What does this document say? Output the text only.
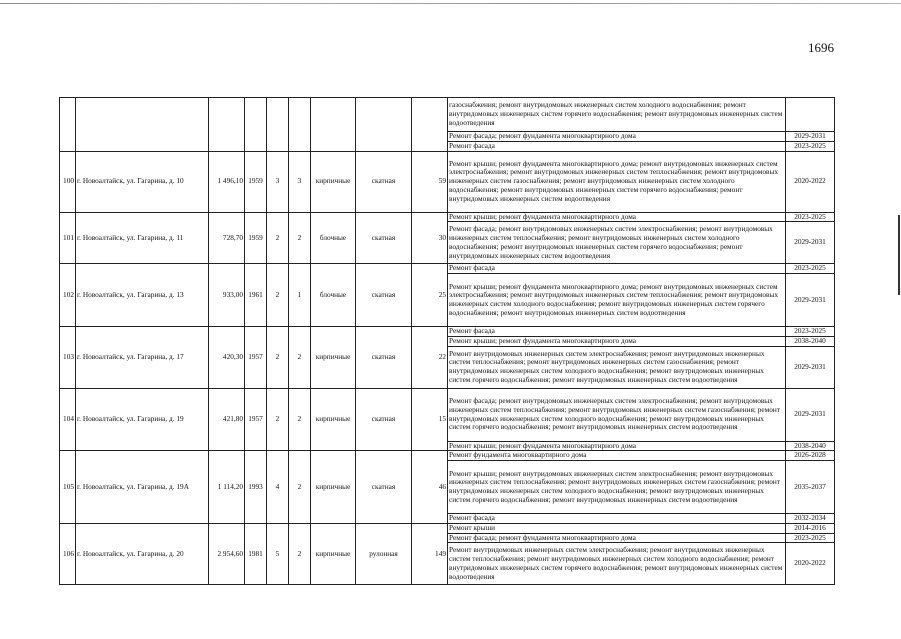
1696
									газоснабжения; ремонт внутридомовых инженерных систем холодного водоснабжения; ремонт внутридомовых инженерных систем горячего водоснабжения; ремонт внутридомовых инженерных систем водоотведения	
									Ремонт фасада; ремонт фундамента многоквартирного дома	2029-2031
									Ремонт фасада	2023-2025
100	г. Новоалтайск, ул. Гагарина, д. 10	1 496,10	1959	3	3	кирпичные	скатная	59	Ремонт крыши; ремонт фундамента многоквартирного дома; ремонт внутридомовых инженерных систем электроснабжения; ремонт внутридомовых инженерных систем теплоснабжения; ремонт внутридомовых инженерных систем газоснабжения; ремонт внутридомовых инженерных систем холодного водоснабжения; ремонт внутридомовых инженерных систем горячего водоснабжения; ремонт внутридомовых инженерных систем водоотведения	2020-2022
101	г. Новоалтайск, ул. Гагарина, д. 11	728,70	1959	2	2	блочные	скатная	30	Ремонт крыши; ремонт фундамента многоквартирного дома	2023-2025
									Ремонт фасада; ремонт внутридомовых инженерных систем электроснабжения; ремонт внутридомовых инженерных систем теплоснабжения; ремонт внутридомовых инженерных систем холодного водоснабжения; ремонт внутридомовых инженерных систем горячего водоснабжения; ремонт внутридомовых инженерных систем водоотведения	2029-2031
102	г. Новоалтайск, ул. Гагарина, д. 13	933,00	1961	2	1	блочные	скатная	25	Ремонт фасада	2023-2025
									Ремонт крыши; ремонт фундамента многоквартирного дома; ремонт внутридомовых инженерных систем электроснабжения; ремонт внутридомовых инженерных систем теплоснабжения; ремонт внутридомовых инженерных систем холодного водоснабжения; ремонт внутридомовых инженерных систем горячего водоснабжения; ремонт внутридомовых инженерных систем водоотведения	2029-2031
103	г. Новоалтайск, ул. Гагарина, д. 17	420,30	1957	2	2	кирпичные	скатная	22	Ремонт фасада	2023-2025
									Ремонт крыши; ремонт фундамента многоквартирного дома	2038-2040
									Ремонт внутридомовых инженерных систем электроснабжения; ремонт внутридомовых инженерных систем теплоснабжения; ремонт внутридомовых инженерных систем газоснабжения; ремонт внутридомовых инженерных систем холодного водоснабжения; ремонт внутридомовых инженерных систем горячего водоснабжения; ремонт внутридомовых инженерных систем водоотведения	2029-2031
104	г. Новоалтайск, ул. Гагарина, д. 19	421,80	1957	2	2	кирпичные	скатная	15	Ремонт фасада; ремонт внутридомовых инженерных систем электроснабжения; ремонт внутридомовых инженерных систем теплоснабжения; ремонт внутридомовых инженерных систем газоснабжения; ремонт внутридомовых инженерных систем холодного водоснабжения; ремонт внутридомовых инженерных систем горячего водоснабжения; ремонт внутридомовых инженерных систем водоотведения	2029-2031
									Ремонт крыши; ремонт фундамента многоквартирного дома	2038-2040
105	г. Новоалтайск, ул. Гагарина, д. 19А	1 114,20	1993	4	2	кирпичные	скатная	46	Ремонт фундамента многоквартирного дома	2026-2028
									Ремонт крыши; ремонт внутридомовых инженерных систем электроснабжения; ремонт внутридомовых инженерных систем теплоснабжения; ремонт внутридомовых инженерных систем газоснабжения; ремонт внутридомовых инженерных систем холодного водоснабжения; ремонт внутридомовых инженерных систем горячего водоснабжения; ремонт внутридомовых инженерных систем водоотведения	2035-2037
									Ремонт фасада	2032-2034
106	г. Новоалтайск, ул. Гагарина, д. 20	2 954,60	1981	5	2	кирпичные	рулонная	149	Ремонт крыши	2014-2016
									Ремонт фасада; ремонт фундамента многоквартирного дома	2023-2025
									Ремонт внутридомовых инженерных систем электроснабжения; ремонт внутридомовых инженерных систем теплоснабжения; ремонт внутридомовых инженерных систем холодного водоснабжения; ремонт внутридомовых инженерных систем горячего водоснабжения; ремонт внутридомовых инженерных систем водоотведения	2020-2022
